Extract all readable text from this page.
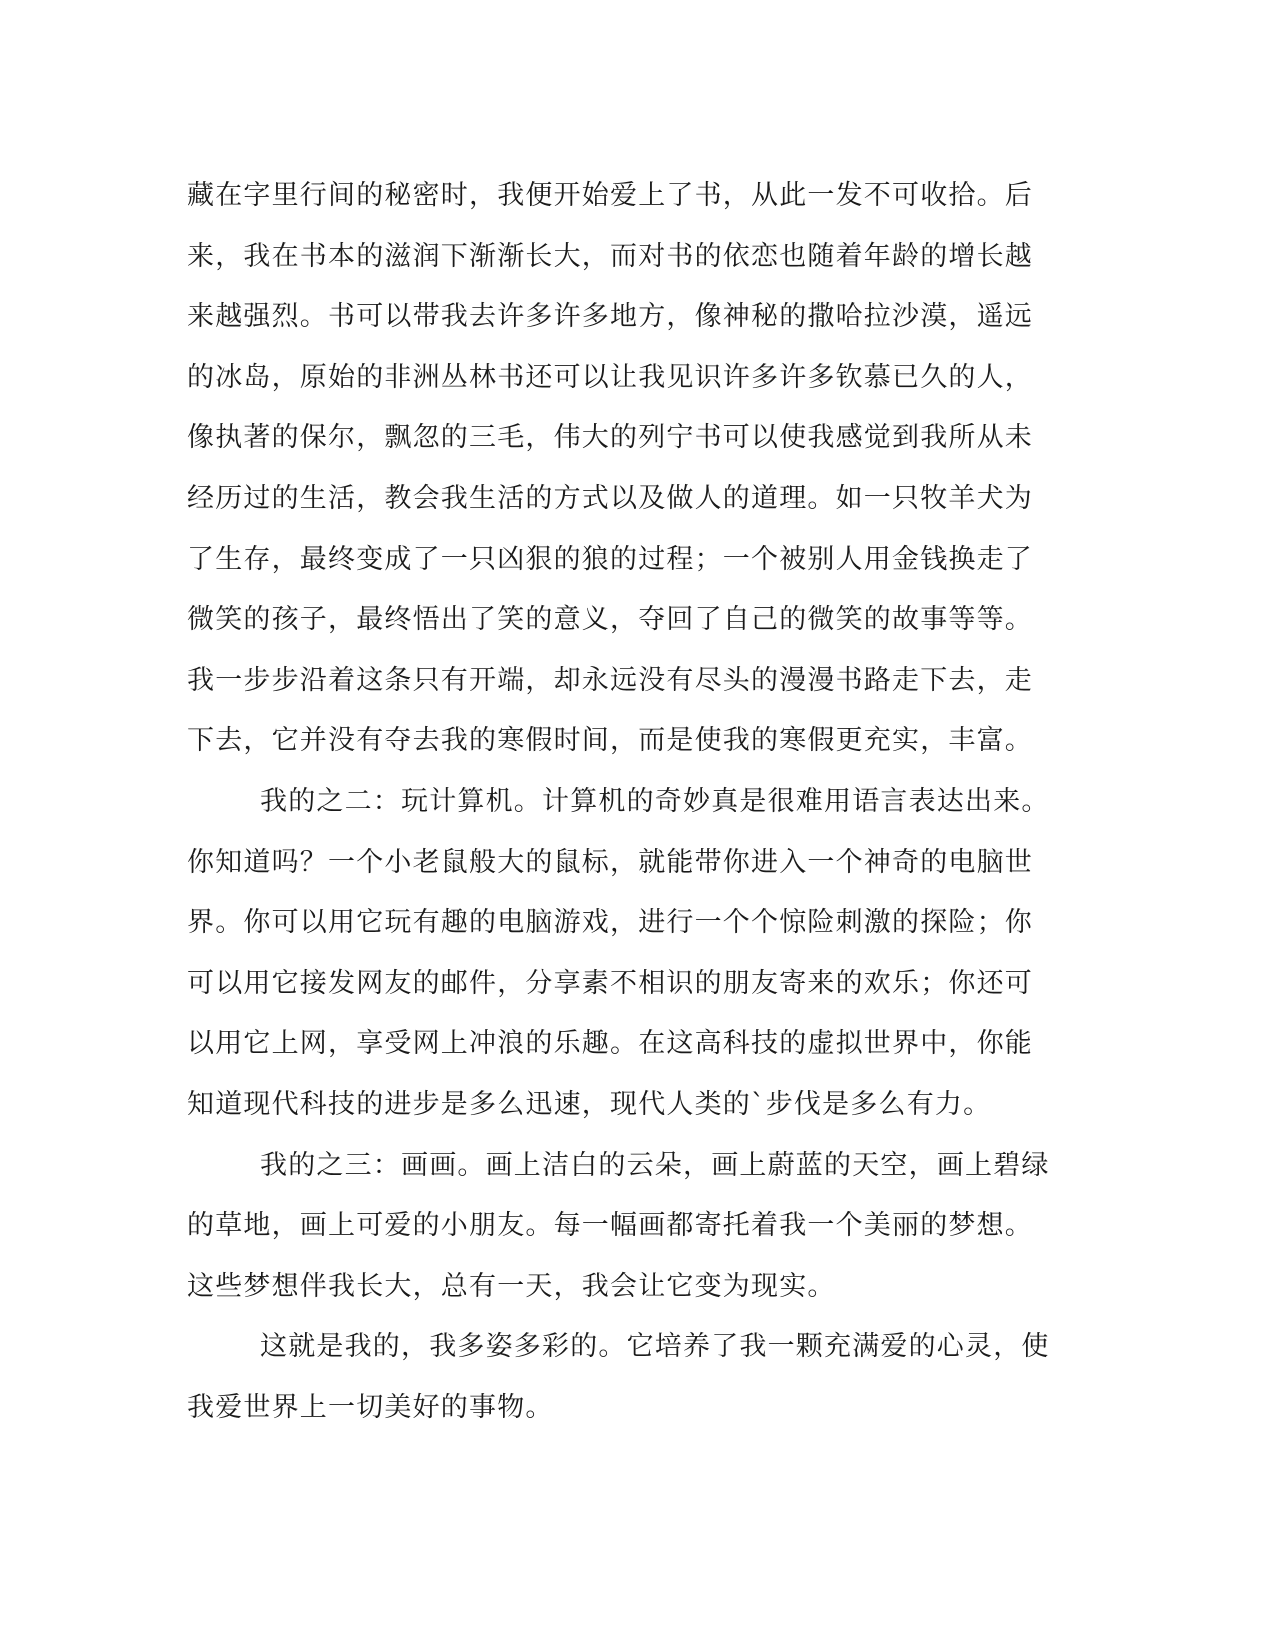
藏在字里行间的秘密时，我便开始爱上了书，从此一发不可收拾。后
来，我在书本的滋润下渐渐长大，而对书的依恋也随着年龄的增长越
来越强烈。书可以带我去许多许多地方，像神秘的撒哈拉沙漠，遥远
的冰岛，原始的非洲丛林书还可以让我见识许多许多钦慕已久的人，
像执著的保尔，飘忽的三毛，伟大的列宁书可以使我感觉到我所从未
经历过的生活，教会我生活的方式以及做人的道理。如一只牧羊犬为
了生存，最终变成了一只凶狠的狼的过程；一个被别人用金钱换走了
微笑的孩子，最终悟出了笑的意义，夺回了自己的微笑的故事等等。
我一步步沿着这条只有开端，却永远没有尽头的漫漫书路走下去，走
下去，它并没有夺去我的寒假时间，而是使我的寒假更充实，丰富。
我的之二：玩计算机。计算机的奇妙真是很难用语言表达出来。
你知道吗？一个小老鼠般大的鼠标，就能带你进入一个神奇的电脑世
界。你可以用它玩有趣的电脑游戏，进行一个个惊险刺激的探险；你
可以用它接发网友的邮件，分享素不相识的朋友寄来的欢乐；你还可
以用它上网，享受网上冲浪的乐趣。在这高科技的虚拟世界中，你能
知道现代科技的进步是多么迅速，现代人类的`步伐是多么有力。
我的之三：画画。画上洁白的云朵，画上蔚蓝的天空，画上碧绿
的草地，画上可爱的小朋友。每一幅画都寄托着我一个美丽的梦想。
这些梦想伴我长大，总有一天，我会让它变为现实。
这就是我的，我多姿多彩的。它培养了我一颗充满爱的心灵，使
我爱世界上一切美好的事物。
